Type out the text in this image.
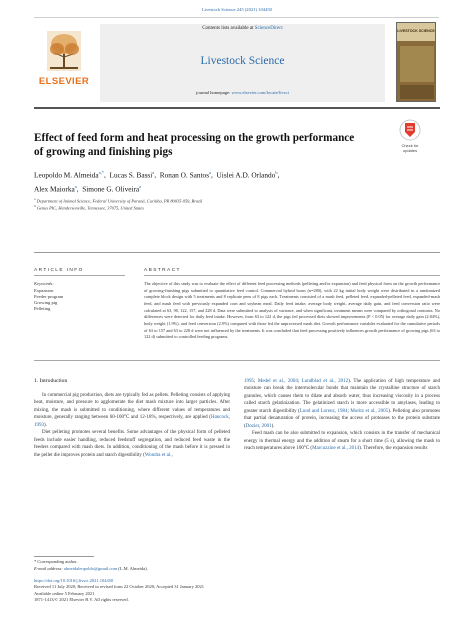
Livestock Science 245 (2021) 104450
ELSEVIER
Contents lists available at ScienceDirect
Livestock Science
journal homepage: www.elsevier.com/locate/livsci
LIVESTOCK SCIENCE
Effect of feed form and heat processing on the growth performance of growing and finishing pigs
Check for
updates
Leopoldo M. Almeida$^{a,*}$,  Lucas S. Bassi$^a$,  Ronan O. Santos$^a$,  Uislei A.D. Orlando$^b$,
Alex Maiorka$^a$,  Simone G. Oliveira$^a$
$^a$ Department of Animal Science, Federal University of Paraná, Curitiba, PR 80035-050, Brazil
$^b$ Genus PIC, Hendersonville, Tennessee, 37075, United States
ARTICLE INFO	ABSTRACT
Keywords:
Expansion
Feeder program
Growing pig
Pelleting
The objective of this study was to evaluate the effect of different feed processing methods (pelleting and/or expansion) and feed physical form on the growth performance of growing-finishing pigs submitted to quantitative feed control. Commercial hybrid boars (n=280), with 22 kg initial body weight were distributed in a randomized complete block design with 5 treatments and 8 replicate pens of 8 pigs each. Treatments consisted of a mash feed, pelleted feed, expanded-pelleted feed, expanded-mash feed, and mash feed with previously expanded corn and soybean meal. Daily feed intake, average body weight, average daily gain, and feed conversion ratio were calculated at 63, 90, 122, 157, and 228 d. Data were submitted to analysis of variance, and when significant, treatment means were compared by orthogonal contrasts. No differences were detected for daily feed intake. However, from 63 to 122 d, the pigs fed processed diets showed improvements (P < 0.05) for average daily gain (2.84%), body weight (1.9%), and feed conversion (2.9%) compared with those fed the unprocessed mash diet. Growth performance variables evaluated for the cumulative periods of 63 to 157 and 63 to 228 d were not influenced by the treatments. It was concluded that feed processing positively influences growth performance of growing pigs (63 to 122 d) submitted to controlled feeding programs.
1. Introduction
In commercial pig production, diets are typically fed as pellets. Pelleting consists of applying heat, moisture, and pressure to agglomerate the diet mash mixture into larger particles. After mixing, the mash is submitted to conditioning, where different values of temperatures and moisture, generally ranging between 60-100°C and 12-18%, respectively, are applied (Hancock, 1993).
Diet pelleting promotes several benefits. Some advantages of the physical form of pelleted feeds include easier handling, reduced feedstuff segregation, and reduced feed waste in the feeders compared with mash diets. In addition, conditioning of the mash before it is pressed in the pellet die improves protein and starch digestibility (Wondra et al.,
1995; Medel et al., 2004; Lundblad et al., 2012). The application of high temperature and moisture can break the intermolecular bonds that maintain the crystalline structure of starch granules, which causes them to dilate and absorb water, thus increasing viscosity in a process called starch gelatinization. The gelatinized starch is more accessible to amylases, leading to greater starch digestibility (Lund and Lorenz, 1984; Moritz et al., 2005). Pelleting also promotes that partial denaturation of protein, increasing the access of proteases to the protein substrate (Dozier, 2001).
Feed mash can be also submitted to expansion, which consists in the transfer of mechanical energy in thermal energy and the addition of steam for a short time (5 s), allowing the mash to reach temperatures above 100°C (Marcuzzine et al., 2014). Therefore, the expansion results
* Corresponding author.
E-mail address: almeidaleopoldo@gmail.com (L.M. Almeida).
https://doi.org/10.1016/j.livsci.2021.104450
Received 11 July 2020; Received in revised form 22 October 2020; Accepted 31 January 2021
Available online 5 February 2021
1871-1413/© 2021 Elsevier B.V. All rights reserved.
